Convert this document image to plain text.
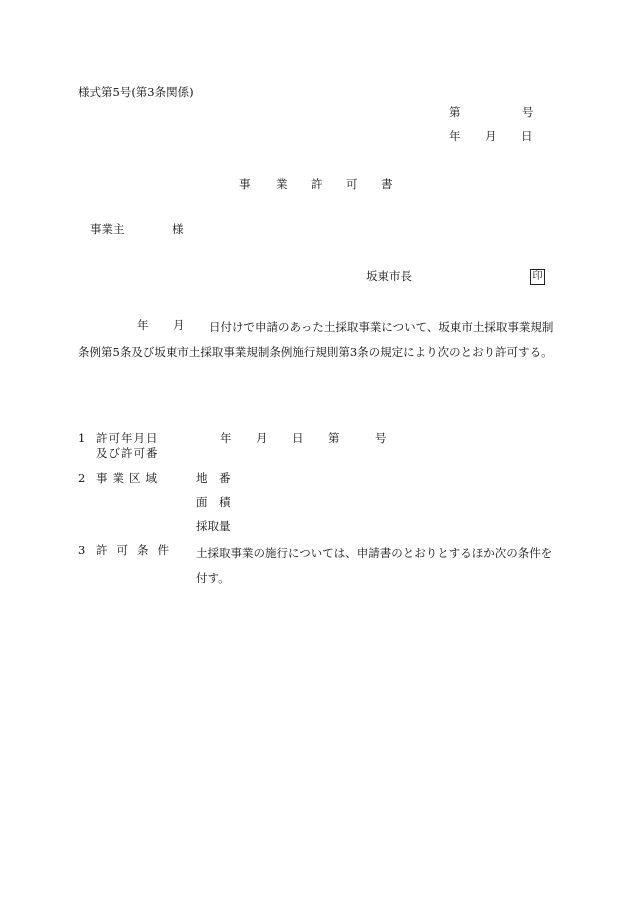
様式第5号(第3条関係)
第	号
年 月 日
事 業 許 可 書
事業主	様
坂東市長	印
年 月	日付けで申請のあった土採取事業について、坂東市土採取事業規制条例第5条及び坂東市土採取事業規制条例施行規則第3条の規定により次のとおり許可する。
1 許可年月日
及び許可番
年 月 日 第	号
2 事業区域	地　番
面　積
採取量
3 許可条件 土採取事業の施行については、申請書のとおりとするほか次の条件を付す。
